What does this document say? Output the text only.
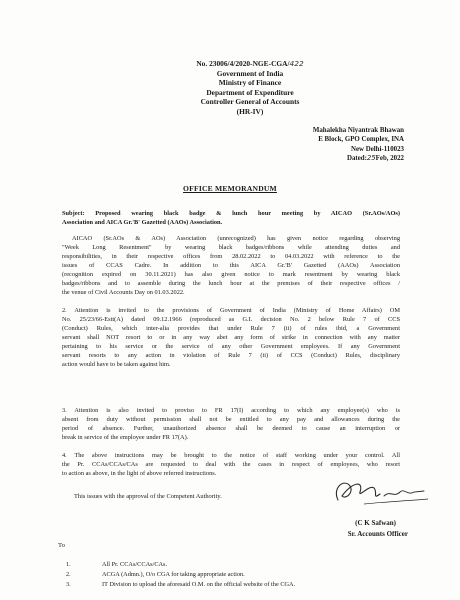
No. 23006/4/2020-NGE-CGA/422
Government of India
Ministry of Finance
Department of Expenditure
Controller General of Accounts
(HR-IV)
Mahalekha Niyantrak Bhawan
E Block, GPO Complex, INA
New Delhi-110023
Dated:25Feb, 2022
OFFICE MEMORANDUM
Subject: Proposed wearing black badge & lunch hour meeting by AICAO (Sr.AOs/AOs)
Association and AICA Gr.'B' Gazetted (AAOs) Association.
AICAO (Sr.AOs & AOs) Association (unrecognized) has given notice regarding observing
"Week Long Resentment" by wearing black badges/ribbons while attending duties and
responsibilities, in their respective offices from 28.02.2022 to 04.03.2022 with reference to the
issues of CCAS Cadre. In addition to this AICA Gr.'B' Gazetted (AAOs) Association
(recognition expired on 30.11.2021) has also given notice to mark resentment by wearing black
badges/ribbons and to assemble during the lunch hour at the premises of their respective offices /
the venue of Civil Accounts Day on 01.03.2022.
2. Attention is invited to the provisions of Government of India (Ministry of Home Affairs) OM
No. 25/23/66-Estt(A) dated 09.12.1966 (reproduced as G.I. decision No. 2 below Rule 7 of CCS
(Conduct) Rules, which inter-alia provides that under Rule 7 (ii) of rules ibid, a Government
servant shall NOT resort to or in any way abet any form of strike in connection with any matter
pertaining to his service or the service of any other Government employees. If any Government
servant resorts to any action in violation of Rule 7 (ii) of CCS (Conduct) Rules, disciplinary
action would have to be taken against him.
3. Attention is also invited to proviso to FR 17(I) according to which any employee(s) who is
absent from duty without permission shall not be entitled to any pay and allowances during the
period of absence. Further, unauthorized absence shall be deemed to cause an interruption or
break in service of the employee under FR 17(A).
4. The above instructions may be brought to the notice of staff working under your control. All
the Pr. CCAs/CCAs/CAs are requested to deal with the cases in respect of employees, who resort
to action as above, in the light of above referred instructions.
This issues with the approval of the Competent Authority.
(C K Safwan)
Sr. Accounts Officer
To
1.	All Pr. CCAs/CCAs/CAs.
2.	ACGA (Admn.), O/o CGA for taking appropriate action.
3.	IT Division to upload the aforesaid O.M. on the official website of the CGA.
